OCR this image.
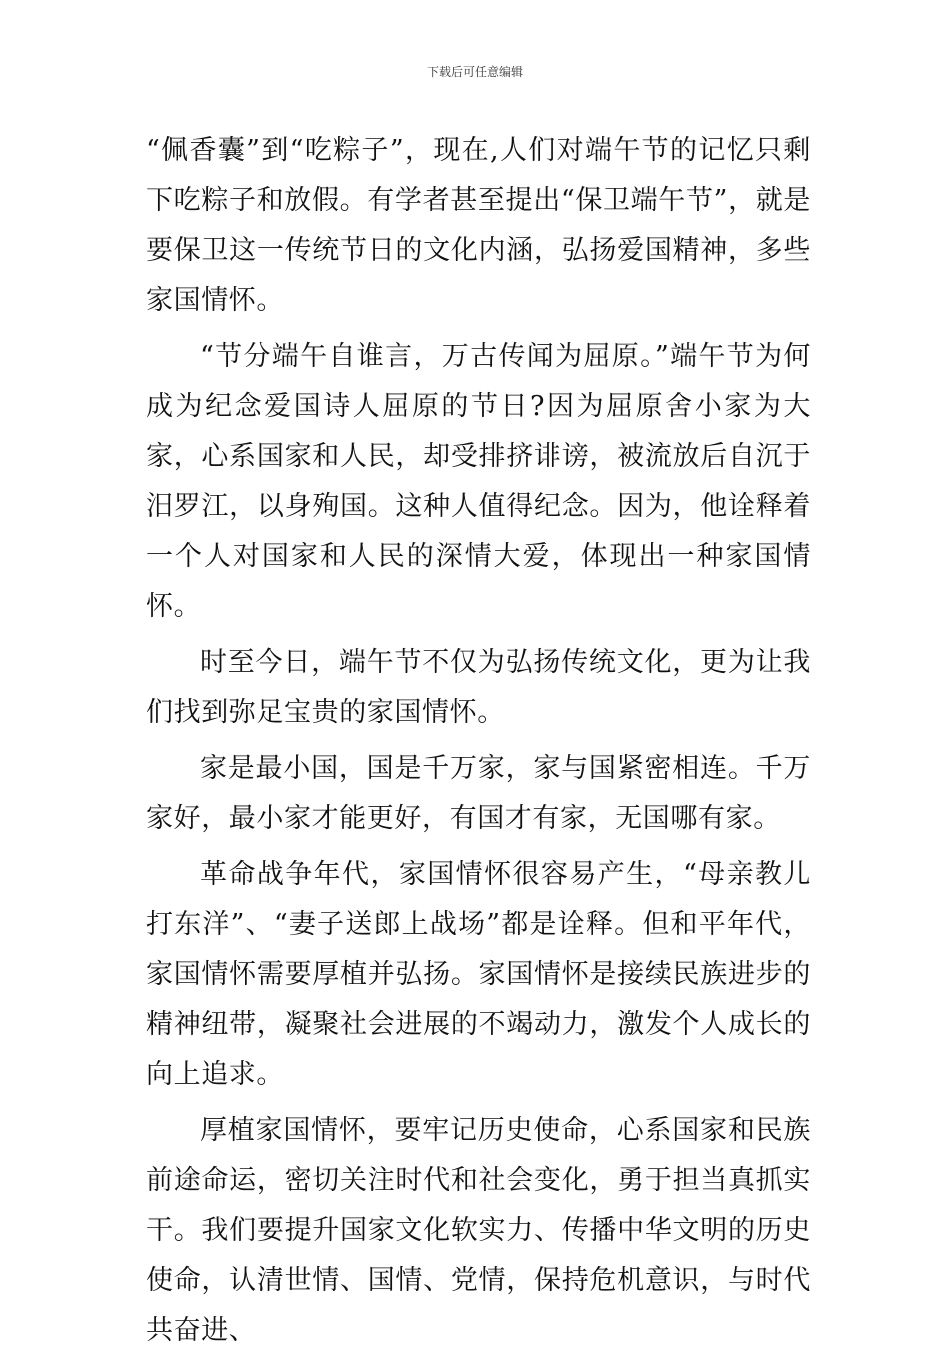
下载后可任意编辑

“佩香囊”到“吃粽子”，现在,人们对端午节的记忆只剩下吃粽子和放假。有学者甚至提出“保卫端午节”，就是要保卫这一传统节日的文化内涵，弘扬爱国精神，多些家国情怀。

“节分端午自谁言，万古传闻为屈原。”端午节为何成为纪念爱国诗人屈原的节日?因为屈原舍小家为大家，心系国家和人民，却受排挤诽谤，被流放后自沉于汨罗江，以身殉国。这种人值得纪念。因为，他诠释着一个人对国家和人民的深情大爱，体现出一种家国情怀。

时至今日，端午节不仅为弘扬传统文化，更为让我们找到弥足宝贵的家国情怀。

家是最小国，国是千万家，家与国紧密相连。千万家好，最小家才能更好，有国才有家，无国哪有家。

革命战争年代，家国情怀很容易产生，“母亲教儿打东洋”、“妻子送郎上战场”都是诠释。但和平年代，家国情怀需要厚植并弘扬。家国情怀是接续民族进步的精神纽带，凝聚社会进展的不竭动力，激发个人成长的向上追求。

厚植家国情怀，要牢记历史使命，心系国家和民族前途命运，密切关注时代和社会变化，勇于担当真抓实干。我们要提升国家文化软实力、传播中华文明的历史使命，认清世情、国情、党情，保持危机意识，与时代共奋进、
